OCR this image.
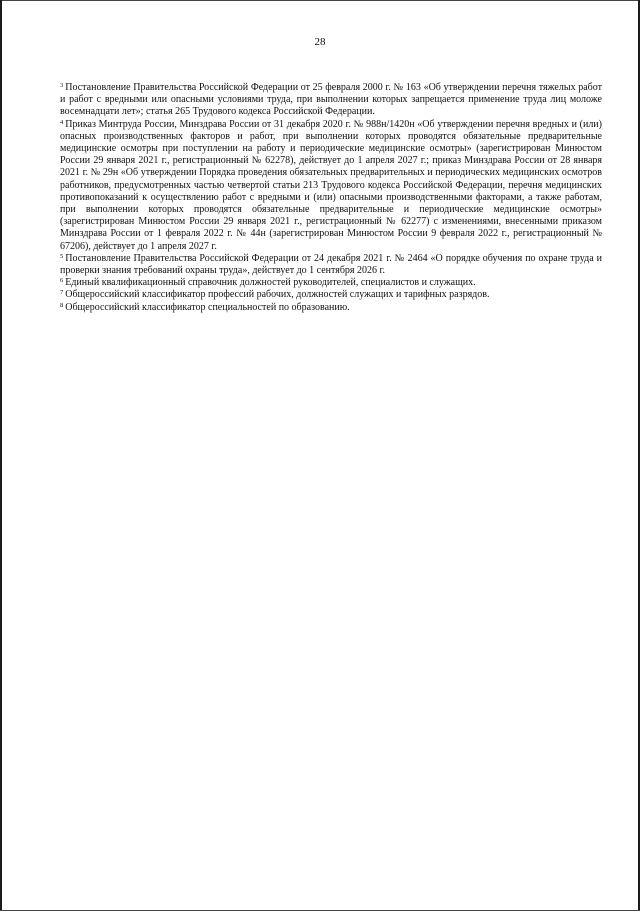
28

$^3$ Постановление Правительства Российской Федерации от 25 февраля 2000 г. № 163 «Об утверждении перечня тяжелых работ и работ с вредными или опасными условиями труда, при выполнении которых запрещается применение труда лиц моложе восемнадцати лет»; статья 265 Трудового кодекса Российской Федерации.

$^4$ Приказ Минтруда России, Минздрава России от 31 декабря 2020 г. № 988н/1420н «Об утверждении перечня вредных и (или) опасных производственных факторов и работ, при выполнении которых проводятся обязательные предварительные медицинские осмотры при поступлении на работу и периодические медицинские осмотры» (зарегистрирован Минюстом России 29 января 2021 г., регистрационный № 62278), действует до 1 апреля 2027 г.; приказ Минздрава России от 28 января 2021 г. № 29н «Об утверждении Порядка проведения обязательных предварительных и периодических медицинских осмотров работников, предусмотренных частью четвертой статьи 213 Трудового кодекса Российской Федерации, перечня медицинских противопоказаний к осуществлению работ с вредными и (или) опасными производственными факторами, а также работам, при выполнении которых проводятся обязательные предварительные и периодические медицинские осмотры» (зарегистрирован Минюстом России 29 января 2021 г., регистрационный № 62277) с изменениями, внесенными приказом Минздрава России от 1 февраля 2022 г. № 44н (зарегистрирован Минюстом России 9 февраля 2022 г., регистрационный № 67206), действует до 1 апреля 2027 г.

$^5$ Постановление Правительства Российской Федерации от 24 декабря 2021 г. № 2464 «О порядке обучения по охране труда и проверки знания требований охраны труда», действует до 1 сентября 2026 г.

$^6$ Единый квалификационный справочник должностей руководителей, специалистов и служащих.

$^7$ Общероссийский классификатор профессий рабочих, должностей служащих и тарифных разрядов.

$^8$ Общероссийский классификатор специальностей по образованию.
